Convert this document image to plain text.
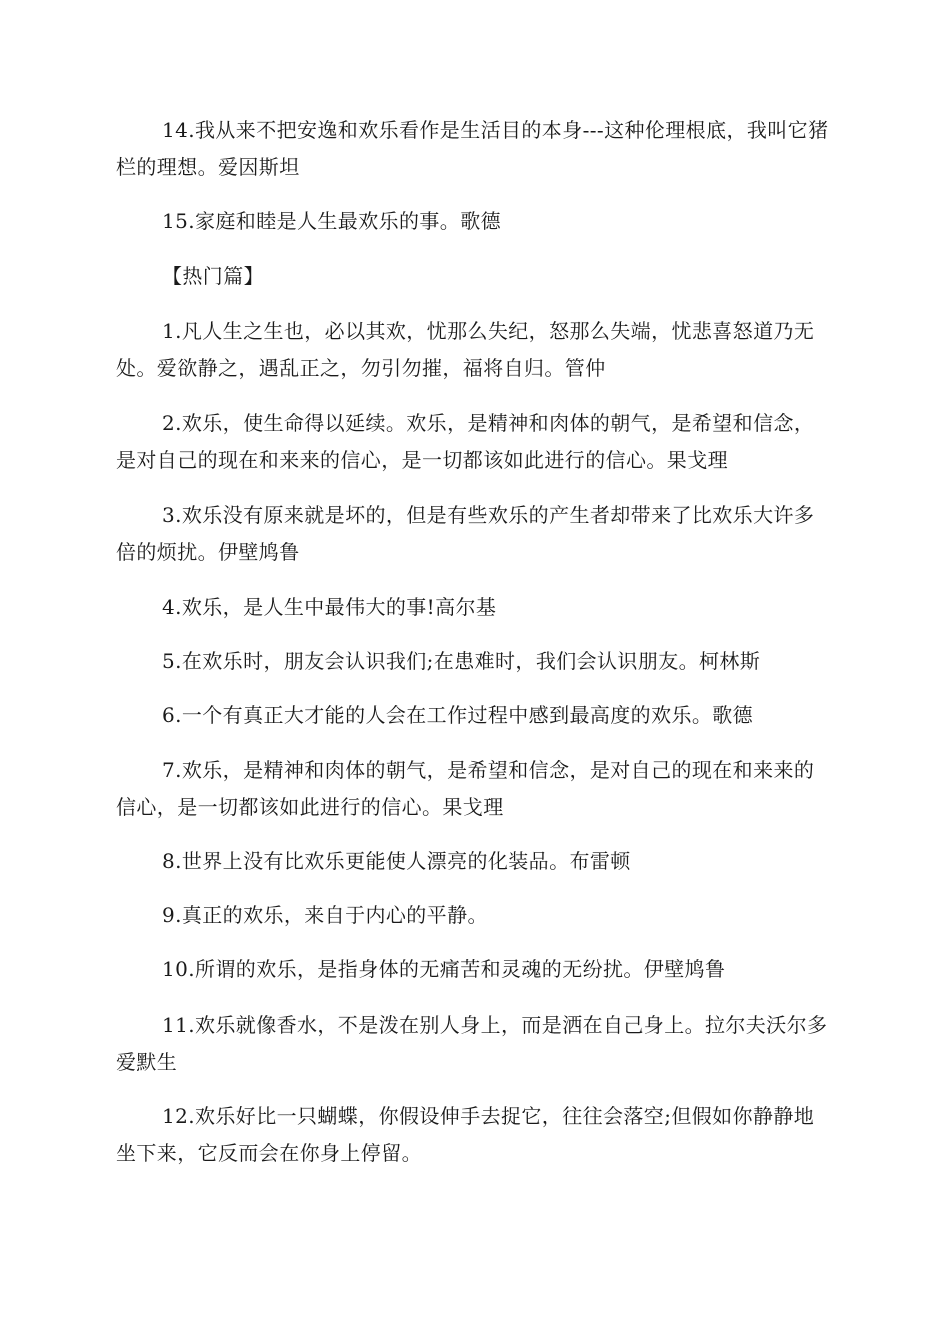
14.我从来不把安逸和欢乐看作是生活目的本身---这种伦理根底，我叫它猪栏的理想。爱因斯坦

15.家庭和睦是人生最欢乐的事。歌德

【热门篇】

1.凡人生之生也，必以其欢，忧那么失纪，怒那么失端，忧悲喜怒道乃无处。爱欲静之，遇乱正之，勿引勿摧，福将自归。管仲

2.欢乐，使生命得以延续。欢乐，是精神和肉体的朝气，是希望和信念，是对自己的现在和来来的信心，是一切都该如此进行的信心。果戈理

3.欢乐没有原来就是坏的，但是有些欢乐的产生者却带来了比欢乐大许多倍的烦扰。伊壁鸠鲁

4.欢乐，是人生中最伟大的事!高尔基

5.在欢乐时，朋友会认识我们;在患难时，我们会认识朋友。柯林斯

6.一个有真正大才能的人会在工作过程中感到最高度的欢乐。歌德

7.欢乐，是精神和肉体的朝气，是希望和信念，是对自己的现在和来来的信心，是一切都该如此进行的信心。果戈理

8.世界上没有比欢乐更能使人漂亮的化装品。布雷顿

9.真正的欢乐，来自于内心的平静。

10.所谓的欢乐，是指身体的无痛苦和灵魂的无纷扰。伊壁鸠鲁

11.欢乐就像香水，不是泼在别人身上，而是洒在自己身上。拉尔夫沃尔多爱默生

12.欢乐好比一只蝴蝶，你假设伸手去捉它，往往会落空;但假如你静静地坐下来，它反而会在你身上停留。
